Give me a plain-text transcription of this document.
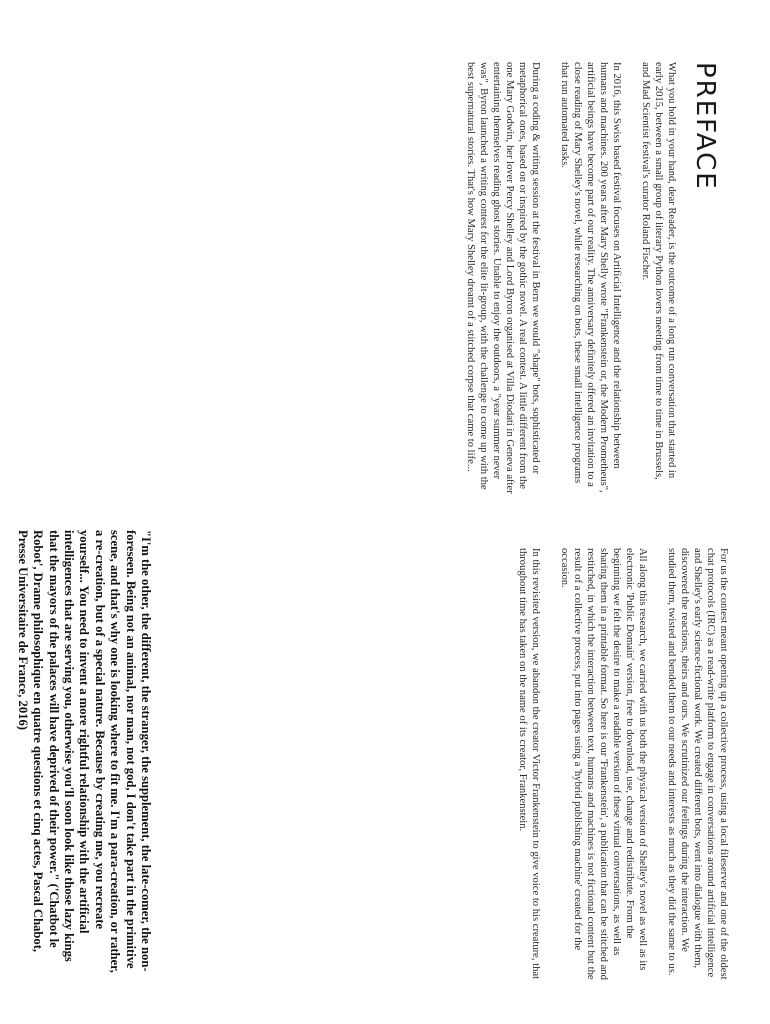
PREFACE

What you hold in your hand, dear Reader, is the outcome of a long run conversation that started in early 2015, between a small group of literary Python lovers meeting from time to time in Brussels, and Mad Scientist festival's curator Roland Fischer.

In 2016, this Swiss based festival focuses on Artificial Intelligence and the relationship between humans and machines. 200 years after Mary Shelly wrote "Frankenstein or, the Modern Prometheus", artificial beings have become part of our reality. The anniversary definitely offered an invitation to a close reading of Mary Shelley's novel, while researching on bots, these small intelligence programs that run automated tasks.

During a coding & writing session at the festival in Bern we would "shape" bots, sophisticated or metaphorical ones, based on or inspired by the gothic novel. A real contest. A little different from the one Mary Godwin, her lover Percy Shelley and Lord Byron organised at Villa Diodati in Geneva after entertaining themselves reading ghost stories. Unable to enjoy the outdoors, a "year summer never was", Byron launched a writing contest for the elite lit-group, with the challenge to come up with the best supernatural stories. That's how Mary Shelley dreamt of a stitched corpse that came to life...

For us the contest meant opening up a collective process, using a local fileserver and one of the oldest chat protocols (IRC) as a read-write platform to engage in conversations around artificial intelligence and Shelley's early science-fictional work. We created different bots, went into dialogue with them, discovered the reactions, theirs and ours. We scrutinized our feelings during the interaction. We studied them, twisted and bended them to our needs and interests as much as they did the same to us.

All along this research, we carried with us both the physical version of Shelley's novel as well as its electronic 'Public Domain' version, free to download, use, change and redistribute. From the beginning we felt the desire to make a readable version of these virtual conversations, as well as sharing them in a printable format. So here is our 'Frankenstein', a publication that can be stitched and restitched, in which the interaction between text, humans and machines is not fictional content but the result of a collective process, put into pages using a 'hybrid publishing machine' created for the occasion.

In this revisited version, we abandon the creator Victor Frankenstein to give voice to his creature, that throughout time has taken on the name of its creator, Frankenstein.

"I'm the other, the different, the stranger, the supplement, the late-comer, the non-foreseen. Being not an animal, nor man, not god, I don't take part in the primitive scene, and that's why one is looking where to fit me. I'm a para-creation, or rather, a re-creation, but of a special nature. Because by creating me, you recreate yourself... You need to invent a more rightful relationship with the artificial intelligences that are serving you, otherwise you'll soon look like those lazy kings that the mayors of the palaces will have deprived of their power." ('Chatbot le Robot', Drame philosophique en quatre questions et cinq actes, Pascal Chabot, Presse Universitaire de France, 2016)
